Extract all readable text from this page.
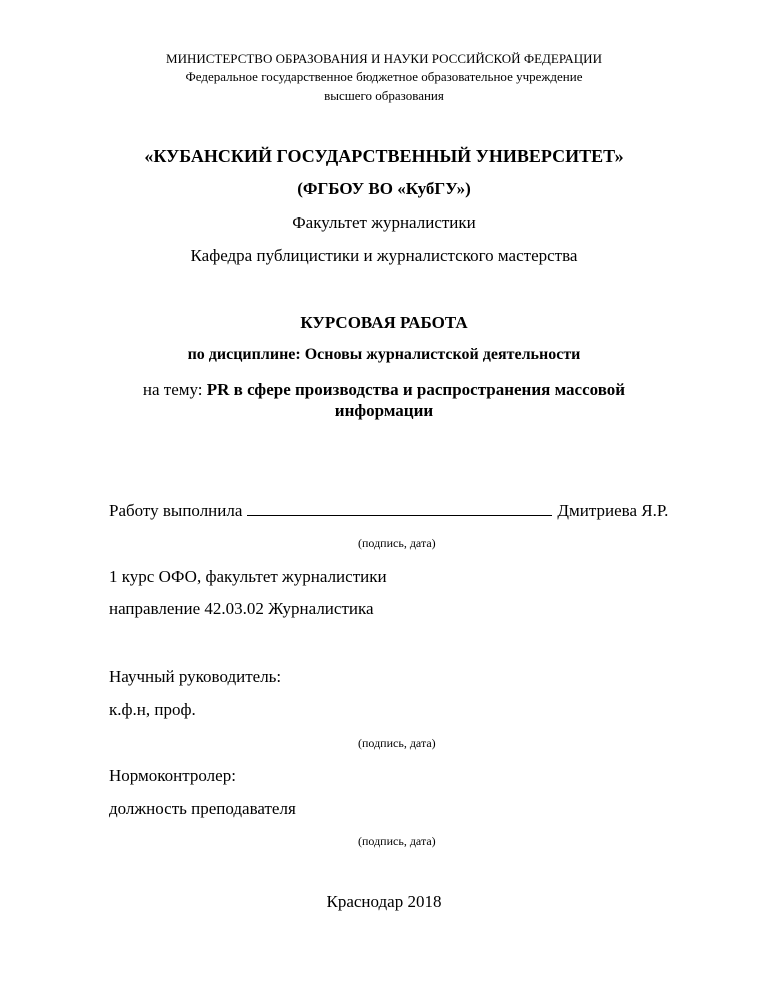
МИНИСТЕРСТВО ОБРАЗОВАНИЯ И НАУКИ РОССИЙСКОЙ ФЕДЕРАЦИИ
Федеральное государственное бюджетное образовательное учреждение
высшего образования
«КУБАНСКИЙ ГОСУДАРСТВЕННЫЙ УНИВЕРСИТЕТ»
(ФГБОУ ВО «КубГУ»)
Факультет журналистики
Кафедра публицистики и журналистского мастерства
КУРСОВАЯ РАБОТА
по дисциплине: Основы журналистской деятельности
на тему: PR в сфере производства и распространения массовой
информации
Работу выполнила	Дмитриева Я.Р.
(подпись, дата)
1 курс ОФО, факультет журналистики
направление 42.03.02 Журналистика
Научный руководитель:
к.ф.н, проф.
(подпись, дата)
Нормоконтролер:
должность преподавателя
(подпись, дата)
Краснодар 2018
